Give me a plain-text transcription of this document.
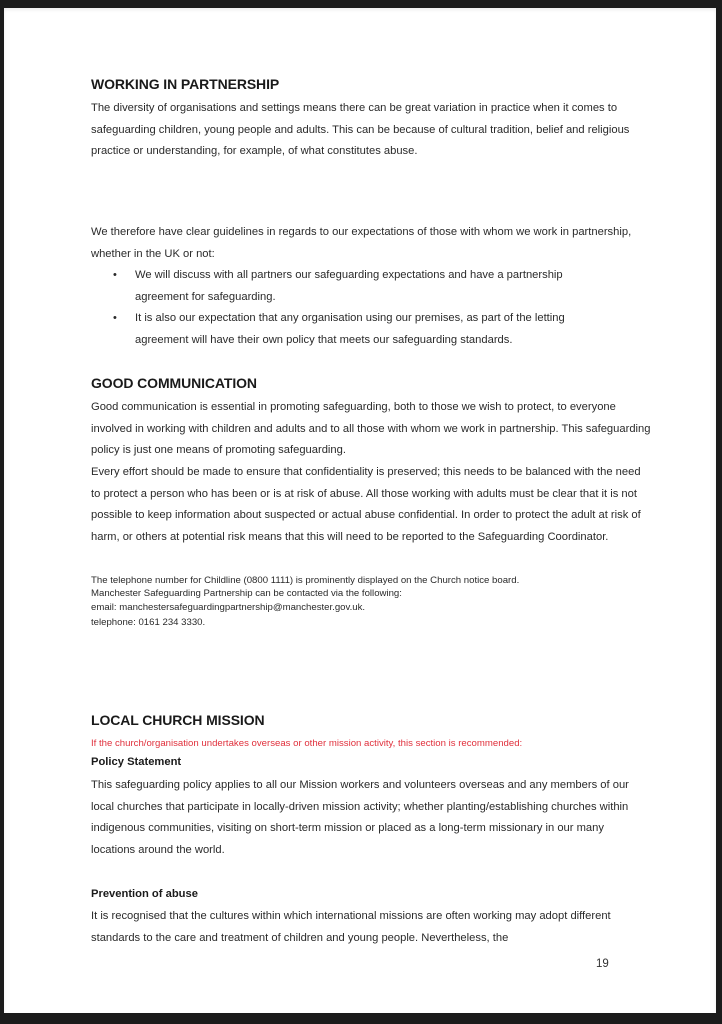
WORKING IN PARTNERSHIP
The diversity of organisations and settings means there can be great variation in practice when it comes to safeguarding children, young people and adults. This can be because of cultural tradition, belief and religious practice or understanding, for example, of what constitutes abuse.
We therefore have clear guidelines in regards to our expectations of those with whom we work in partnership, whether in the UK or not:
• We will discuss with all partners our safeguarding expectations and have a partnership agreement for safeguarding.
• It is also our expectation that any organisation using our premises, as part of the letting agreement will have their own policy that meets our safeguarding standards.
GOOD COMMUNICATION
Good communication is essential in promoting safeguarding, both to those we wish to protect, to everyone involved in working with children and adults and to all those with whom we work in partnership. This safeguarding policy is just one means of promoting safeguarding.
Every effort should be made to ensure that confidentiality is preserved; this needs to be balanced with the need to protect a person who has been or is at risk of abuse. All those working with adults must be clear that it is not possible to keep information about suspected or actual abuse confidential. In order to protect the adult at risk of harm, or others at potential risk means that this will need to be reported to the Safeguarding Coordinator.
The telephone number for Childline (0800 1111) is prominently displayed on the Church notice board.
Manchester Safeguarding Partnership can be contacted via the following:
email: manchestersafeguardingpartnership@manchester.gov.uk.
telephone: 0161 234 3330.
LOCAL CHURCH MISSION
If the church/organisation undertakes overseas or other mission activity, this section is recommended:
Policy Statement
This safeguarding policy applies to all our Mission workers and volunteers overseas and any members of our local churches that participate in locally-driven mission activity; whether planting/establishing churches within indigenous communities, visiting on short-term mission or placed as a long-term missionary in our many locations around the world.
Prevention of abuse
It is recognised that the cultures within which international missions are often working may adopt different standards to the care and treatment of children and young people. Nevertheless, the
19
